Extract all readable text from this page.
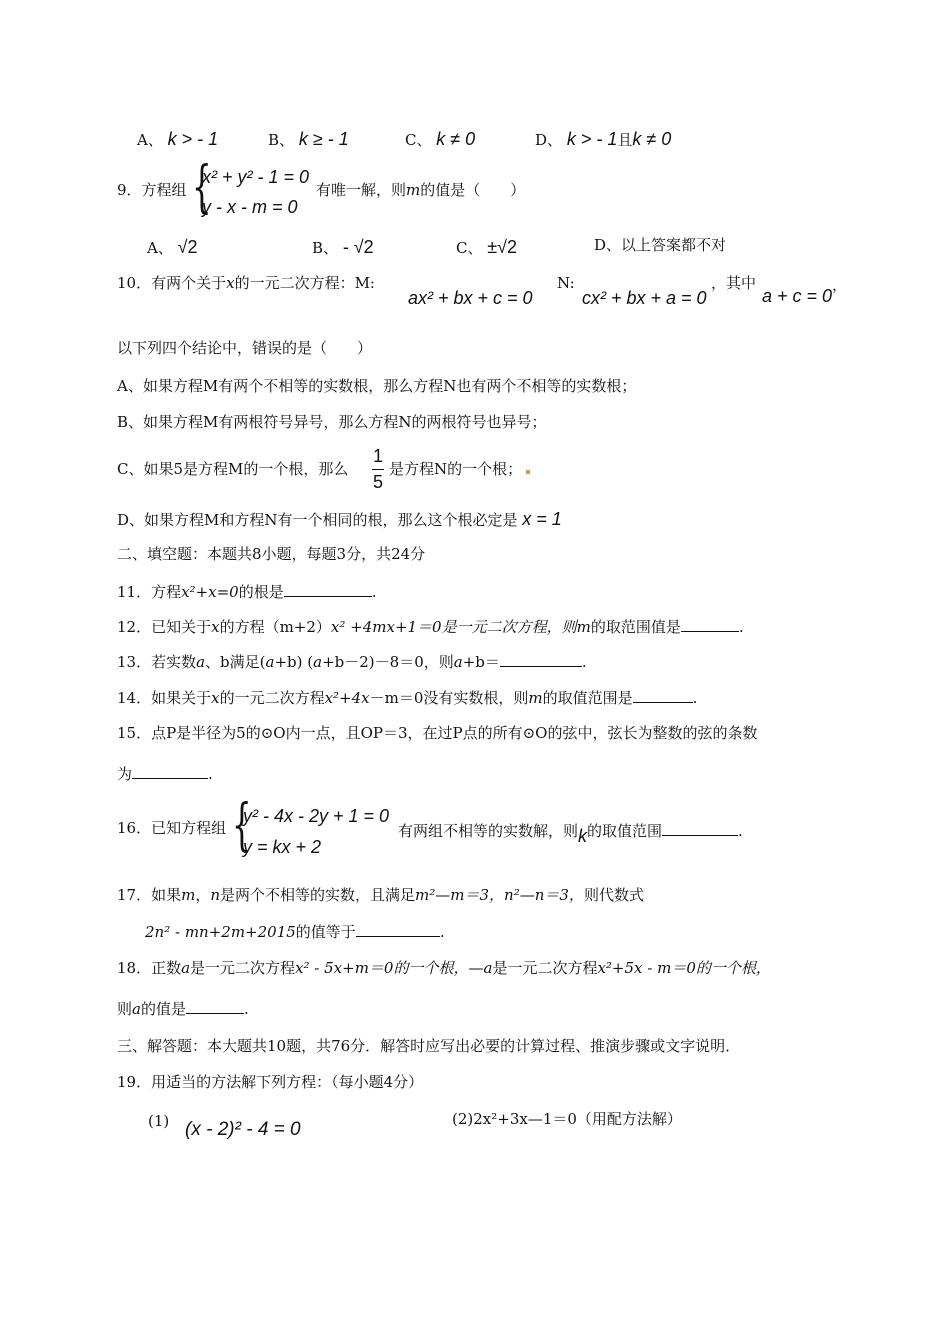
A、 k > - 1	B、 k ≥ - 1	C、 k ≠ 0	D、 k > - 1且k ≠ 0
9．方程组 {
x² + y² - 1 = 0
y - x - m = 0
有唯一解，则m的值是（　　）
A、 √2	B、 - √2	C、 ±√2	D、以上答案都不对
10．有两个关于x的一元二次方程：M:
ax² + bx + c = 0
N:
cx² + bx + a = 0
，其中
a + c = 0
，
以下列四个结论中，错误的是（　　）
A、如果方程M有两个不相等的实数根，那么方程N也有两个不相等的实数根；
B、如果方程M有两根符号异号，那么方程N的两根符号也异号；
C、如果5是方程M的一个根，那么
1
5
是方程N的一个根；
D、如果方程M和方程N有一个相同的根，那么这个根必定是 x = 1
二、填空题：本题共8小题，每题3分，共24分
11．方程x²+x=0的根是	.
12．已知关于x的方程（m+2）x² +4mx+1＝0是一元二次方程，则m的取范围值是	.
13．若实数a、b满足(a+b) (a+b－2)－8＝0，则a+b＝	.
14．如果关于x的一元二次方程x²+4x－m＝0没有实数根，则m的取值范围是	.
15．点P是半径为5的⊙O内一点，且OP＝3，在过P点的所有⊙O的弦中，弦长为整数的弦的条数
为	.
16．已知方程组 {
y² - 4x - 2y + 1 = 0
y = kx + 2
有两组不相等的实数解，则k的取值范围	.
17．如果m，n是两个不相等的实数，且满足m²—m＝3，n²—n＝3，则代数式
2n² - mn+2m+2015的值等于	.
18．正数a是一元二次方程x² - 5x+m＝0的一个根，—a是一元二次方程x²+5x - m＝0的一个根，
则a的值是	.
三、解答题：本大题共10题，共76分．解答时应写出必要的计算过程、推演步骤或文字说明．
19．用适当的方法解下列方程：（每小题4分）
(1) (x - 2)² - 4 = 0	(2)2x²+3x—1＝0（用配方法解）
